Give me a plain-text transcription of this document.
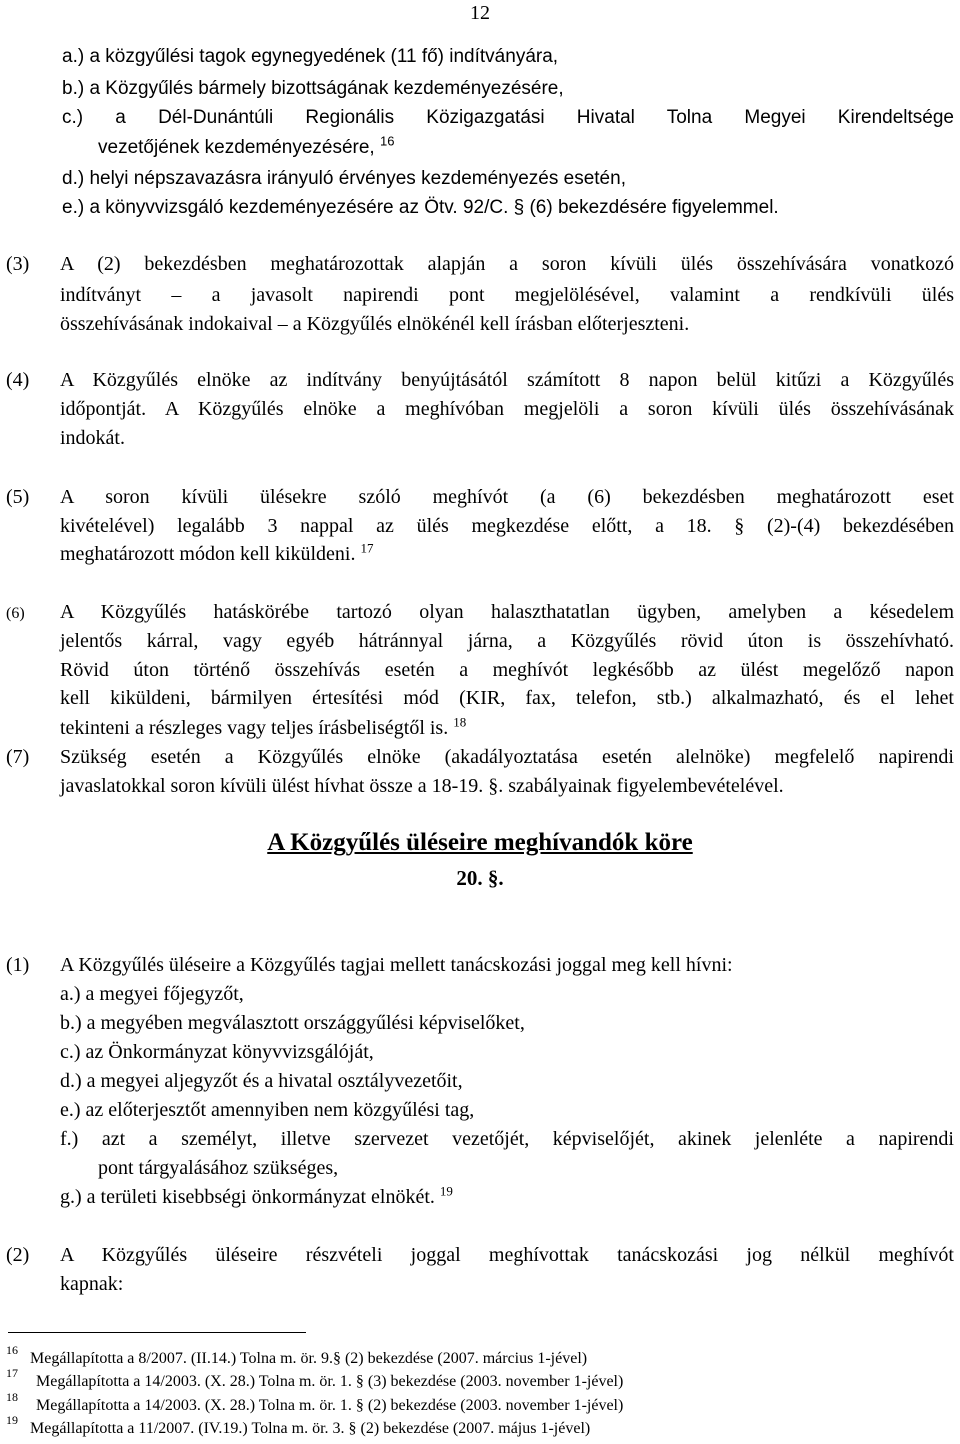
12
a.) a közgyűlési tagok egynegyedének (11 fő) indítványára,
b.) a Közgyűlés bármely bizottságának kezdeményezésére,
c.) a Dél-Dunántúli Regionális Közigazgatási Hivatal Tolna Megyei Kirendeltsége
vezetőjének kezdeményezésére, $^{16}$
d.) helyi népszavazásra irányuló érvényes kezdeményezés esetén,
e.) a könyvvizsgáló kezdeményezésére az Ötv. 92/C. § (6) bekezdésére figyelemmel.
(3) A (2) bekezdésben meghatározottak alapján a soron kívüli ülés összehívására vonatkozó
indítványt – a javasolt napirendi pont megjelölésével, valamint a rendkívüli ülés
összehívásának indokaival – a Közgyűlés elnökénél kell írásban előterjeszteni.
(4) A Közgyűlés elnöke az indítvány benyújtásától számított 8 napon belül kitűzi a Közgyűlés
időpontját. A Közgyűlés elnöke a meghívóban megjelöli a soron kívüli ülés összehívásának
indokát.
(5) A soron kívüli ülésekre szóló meghívót (a (6) bekezdésben meghatározott eset
kivételével) legalább 3 nappal az ülés megkezdése előtt, a 18. § (2)-(4) bekezdésében
meghatározott módon kell kiküldeni. $^{17}$
(6) A Közgyűlés hatáskörébe tartozó olyan halaszthatatlan ügyben, amelyben a késedelem
jelentős kárral, vagy egyéb hátránnyal járna, a Közgyűlés rövid úton is összehívható.
Rövid úton történő összehívás esetén a meghívót legkésőbb az ülést megelőző napon
kell kiküldeni, bármilyen értesítési mód (KIR, fax, telefon, stb.) alkalmazható, és el lehet
tekinteni a részleges vagy teljes írásbeliségtől is. $^{18}$
(7) Szükség esetén a Közgyűlés elnöke (akadályoztatása esetén alelnöke) megfelelő napirendi
javaslatokkal soron kívüli ülést hívhat össze a 18-19. §. szabályainak figyelembevételével.
A Közgyűlés üléseire meghívandók köre
20. §.
(1) A Közgyűlés üléseire a Közgyűlés tagjai mellett tanácskozási joggal meg kell hívni:
a.) a megyei főjegyzőt,
b.) a megyében megválasztott országgyűlési képviselőket,
c.) az Önkormányzat könyvvizsgálóját,
d.) a megyei aljegyzőt és a hivatal osztályvezetőit,
e.) az előterjesztőt amennyiben nem közgyűlési tag,
f.) azt a személyt, illetve szervezet vezetőjét, képviselőjét, akinek jelenléte a napirendi
pont tárgyalásához szükséges,
g.) a területi kisebbségi önkormányzat elnökét. $^{19}$
(2) A Közgyűlés üléseire részvételi joggal meghívottak tanácskozási jog nélkül meghívót
kapnak:
16 Megállapította a 8/2007. (II.14.) Tolna m. ör. 9.§ (2) bekezdése (2007. március 1-jével)
17 Megállapította a 14/2003. (X. 28.) Tolna m. ör. 1. § (3) bekezdése (2003. november 1-jével)
18 Megállapította a 14/2003. (X. 28.) Tolna m. ör. 1. § (2) bekezdése (2003. november 1-jével)
19 Megállapította a 11/2007. (IV.19.) Tolna m. ör. 3. § (2) bekezdése (2007. május 1-jével)
